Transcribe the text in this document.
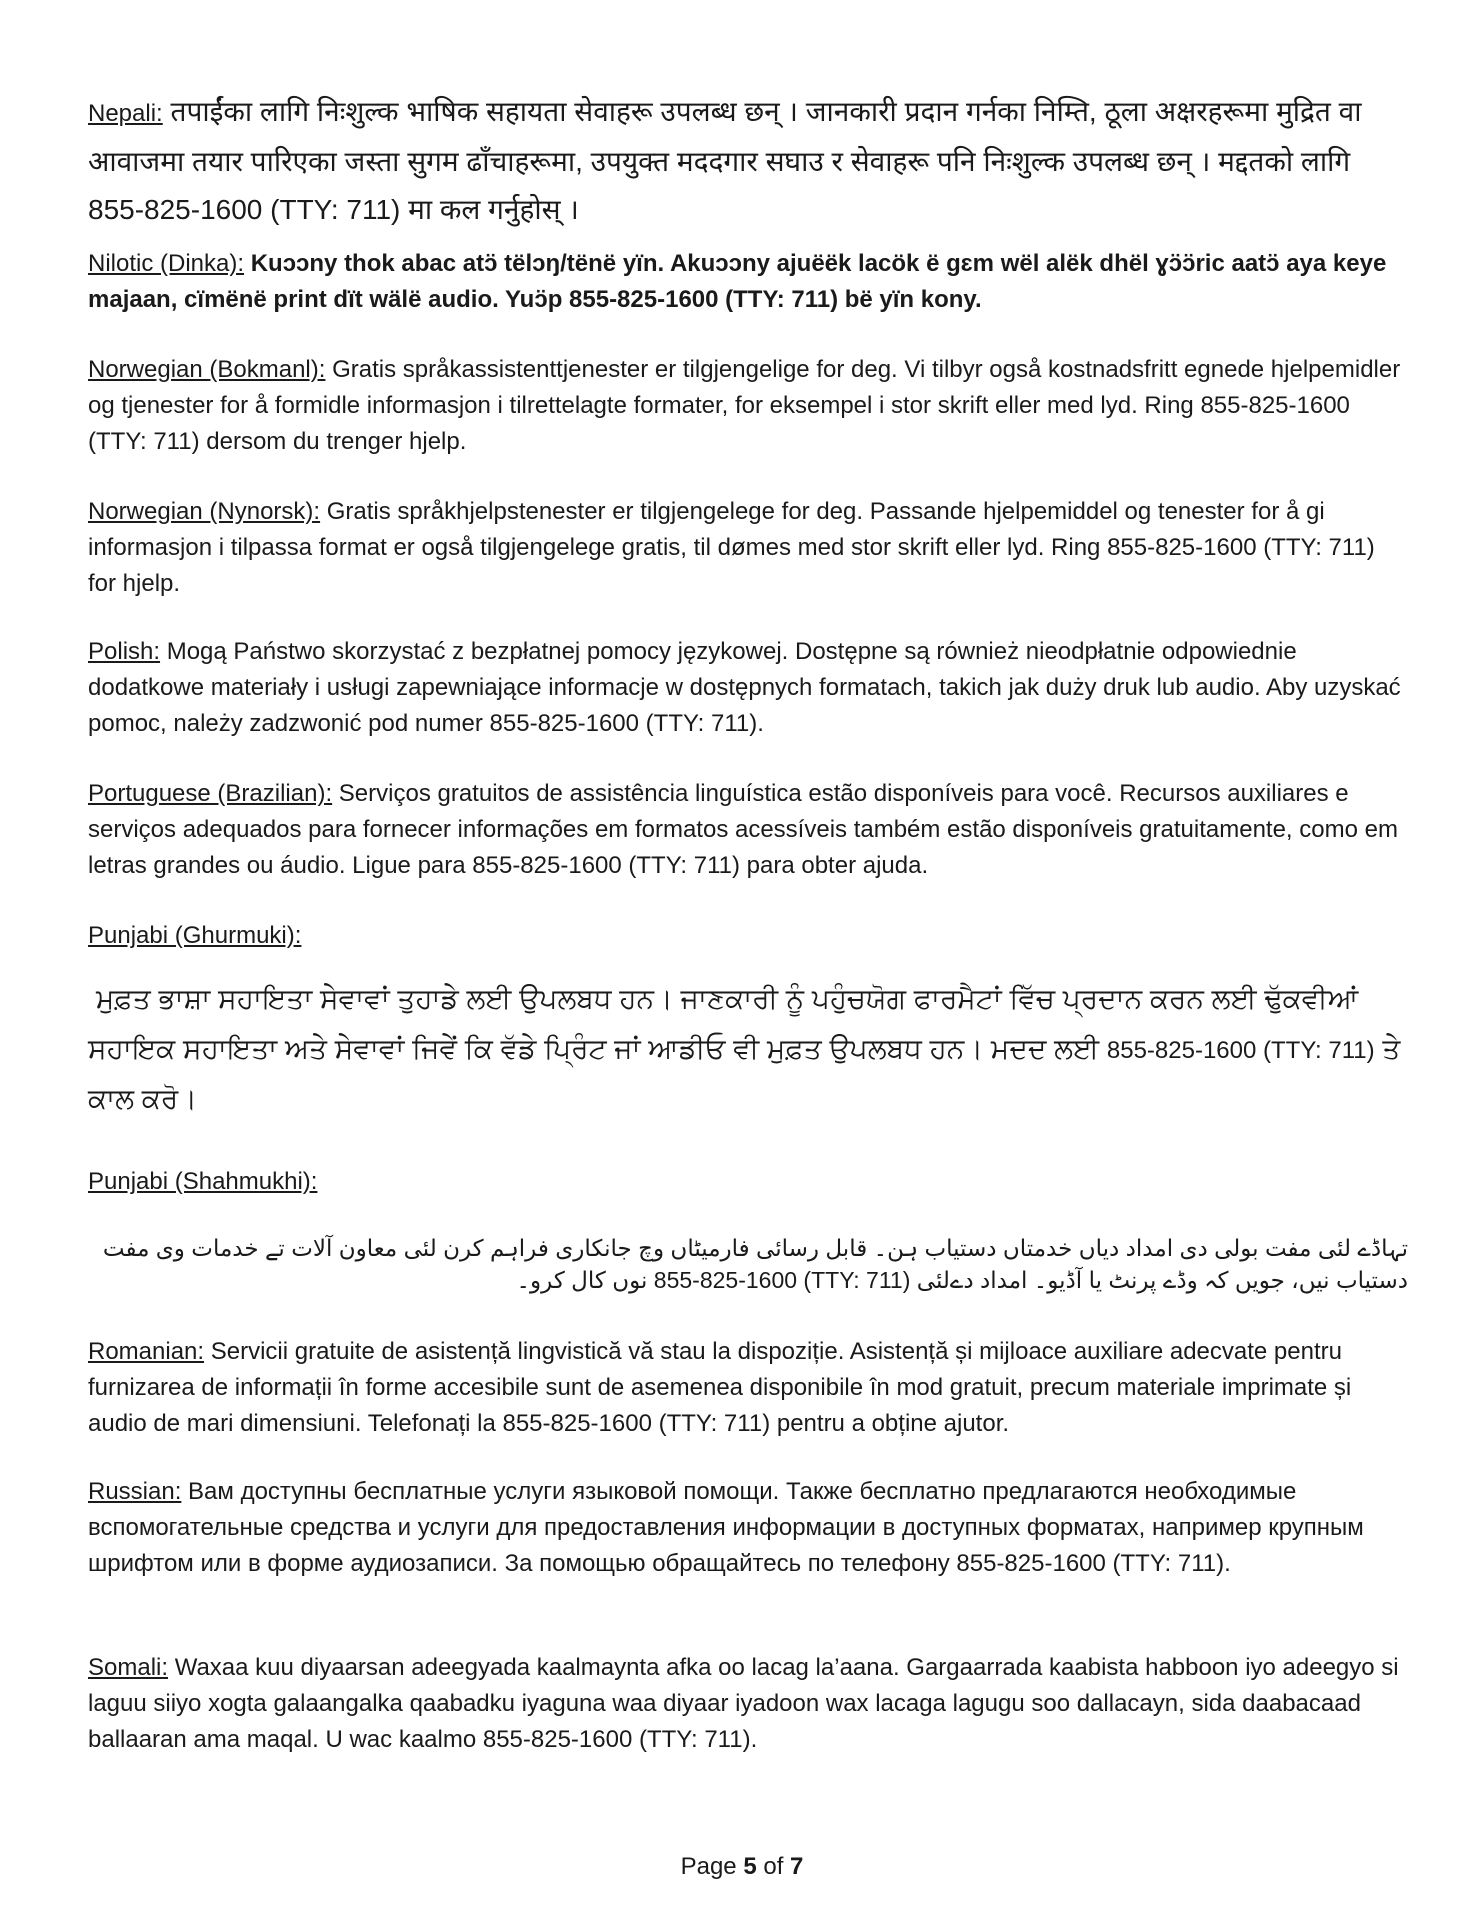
Nepali: तपाईंका लागि निःशुल्क भाषिक सहायता सेवाहरू उपलब्ध छन् । जानकारी प्रदान गर्नका निम्ति, ठूला अक्षरहरूमा मुद्रित वा आवाजमा तयार पारिएका जस्ता सुगम ढाँचाहरूमा, उपयुक्त मददगार सघाउ र सेवाहरू पनि निःशुल्क उपलब्ध छन् । मद्दतको लागि 855-825-1600 (TTY: 711) मा कल गर्नुहोस् ।

Nilotic (Dinka): Kuɔɔny thok abac atɔ̈ tëlɔŋ/tënë yïn. Akuɔɔny ajuëëk lacök ë gɛm wël alëk dhël ɣɔ̈ɔ̈ric aatɔ̈ aya keye majaan, cïmënë print dït wälë audio. Yuɔ̈p 855-825-1600 (TTY: 711) bë yïn kony.

Norwegian (Bokmanl): Gratis språkassistenttjenester er tilgjengelige for deg. Vi tilbyr også kostnadsfritt egnede hjelpemidler og tjenester for å formidle informasjon i tilrettelagte formater, for eksempel i stor skrift eller med lyd. Ring 855-825-1600 (TTY: 711) dersom du trenger hjelp.

Norwegian (Nynorsk): Gratis språkhjelpstenester er tilgjengelege for deg. Passande hjelpemiddel og tenester for å gi informasjon i tilpassa format er også tilgjengelege gratis, til dømes med stor skrift eller lyd. Ring 855-825-1600 (TTY: 711) for hjelp.

Polish: Mogą Państwo skorzystać z bezpłatnej pomocy językowej. Dostępne są również nieodpłatnie odpowiednie dodatkowe materiały i usługi zapewniające informacje w dostępnych formatach, takich jak duży druk lub audio. Aby uzyskać pomoc, należy zadzwonić pod numer 855-825-1600 (TTY: 711).

Portuguese (Brazilian): Serviços gratuitos de assistência linguística estão disponíveis para você. Recursos auxiliares e serviços adequados para fornecer informações em formatos acessíveis também estão disponíveis gratuitamente, como em letras grandes ou áudio. Ligue para 855-825-1600 (TTY: 711) para obter ajuda.

Punjabi (Ghurmuki):

ਮੁਫ਼ਤ ਭਾਸ਼ਾ ਸਹਾਇਤਾ ਸੇਵਾਵਾਂ ਤੁਹਾਡੇ ਲਈ ਉਪਲਬਧ ਹਨ। ਜਾਣਕਾਰੀ ਨੂੰ ਪਹੁੰਚਯੋਗ ਫਾਰਮੈਟਾਂ ਵਿੱਚ ਪ੍ਰਦਾਨ ਕਰਨ ਲਈ ਢੁੱਕਵੀਆਂ ਸਹਾਇਕ ਸਹਾਇਤਾ ਅਤੇ ਸੇਵਾਵਾਂ ਜਿਵੇਂ ਕਿ ਵੱਡੇ ਪ੍ਰਿੰਟ ਜਾਂ ਆਡੀਓ ਵੀ ਮੁਫ਼ਤ ਉਪਲਬਧ ਹਨ। ਮਦਦ ਲਈ 855-825-1600 (TTY: 711) ਤੇ ਕਾਲ ਕਰੋ।

Punjabi (Shahmukhi):

تہاڈے لئی مفت بولی دی امداد دیاں خدمتاں دستیاب ہن۔ قابل رسائی فارمیٹاں وچ جانکاری فراہم کرن لئی معاون آلات تے خدمات وی مفت دستیاب نیں، جویں کہ وڈے پرنٹ یا آڈیو۔ امداد دے‌لئی (TTY: 711) 855-825-1600 نوں کال کرو۔

Romanian: Servicii gratuite de asistență lingvistică vă stau la dispoziție. Asistență și mijloace auxiliare adecvate pentru furnizarea de informații în forme accesibile sunt de asemenea disponibile în mod gratuit, precum materiale imprimate și audio de mari dimensiuni. Telefonați la 855-825-1600 (TTY: 711) pentru a obține ajutor.

Russian: Вам доступны бесплатные услуги языковой помощи. Также бесплатно предлагаются необходимые вспомогательные средства и услуги для предоставления информации в доступных форматах, например крупным шрифтом или в форме аудиозаписи. За помощью обращайтесь по телефону 855-825-1600 (TTY: 711).

Somali: Waxaa kuu diyaarsan adeegyada kaalmaynta afka oo lacag la’aana. Gargaarrada kaabista habboon iyo adeegyo si laguu siiyo xogta galaangalka qaabadku iyaguna waa diyaar iyadoon wax lacaga lagugu soo dallacayn, sida daabacaad ballaaran ama maqal. U wac kaalmo 855-825-1600 (TTY: 711).

Page 5 of 7
